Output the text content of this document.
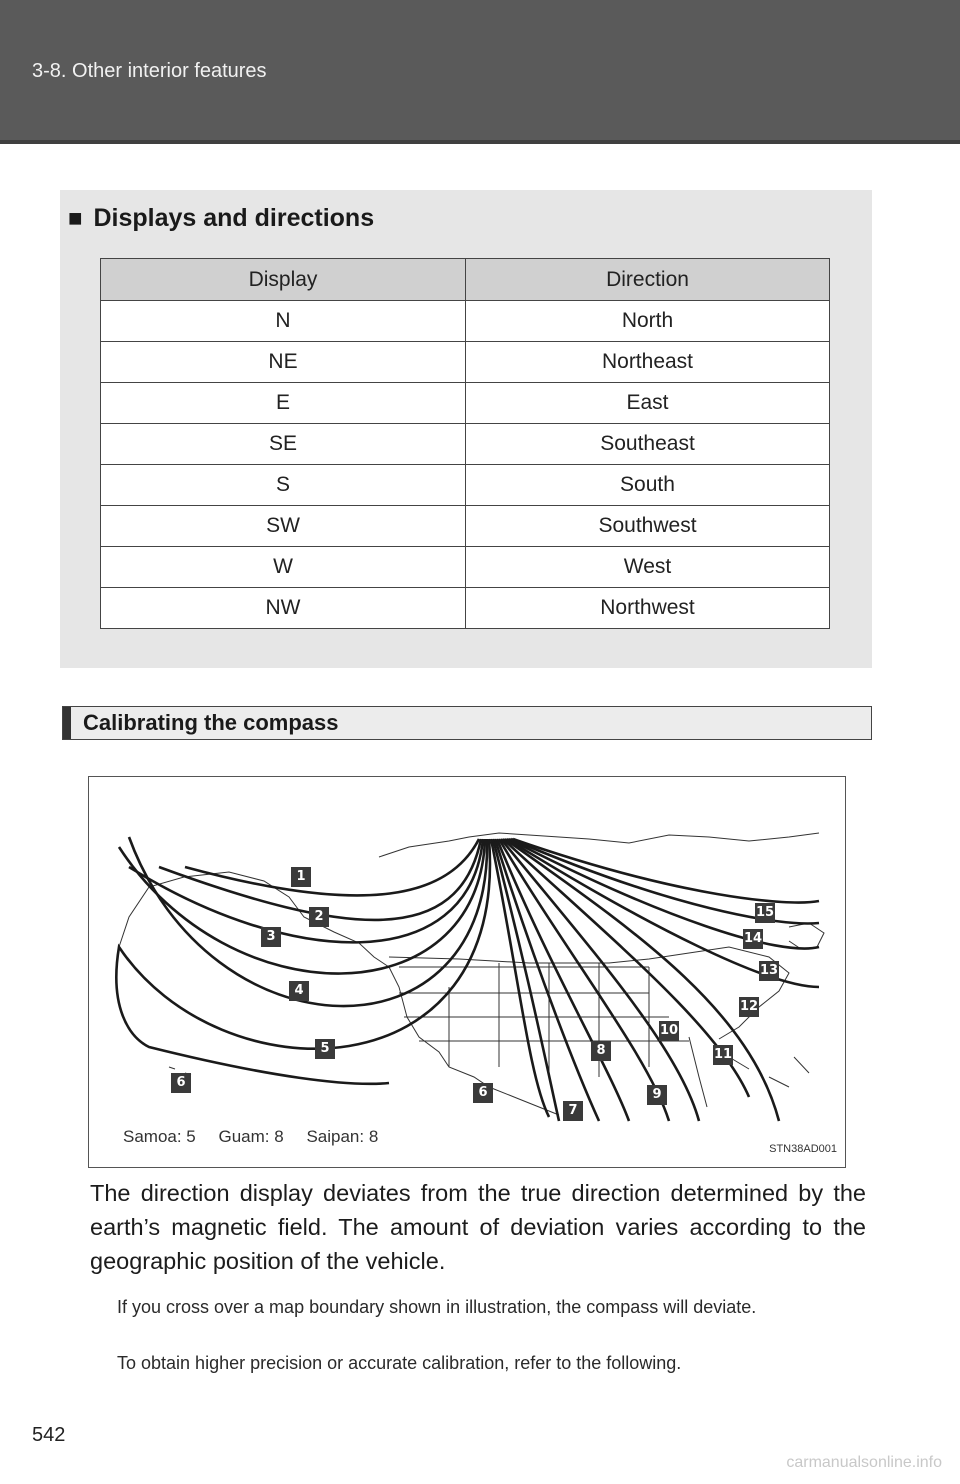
3-8. Other interior features
■ Displays and directions
Display	Direction
N	North
NE	Northeast
E	East
SE	Southeast
S	South
SW	Southwest
W	West
NW	Northwest
Calibrating the compass
1
2
3
4
5
6
6
7
8
9
10
11
12
13
14
15
Samoa: 5 Guam: 8 Saipan: 8
STN38AD001
The direction display deviates from the true direction determined by the earth’s magnetic field. The amount of deviation varies according to the geographic position of the vehicle.
If you cross over a map boundary shown in illustration, the compass will deviate.
To obtain higher precision or accurate calibration, refer to the following.
542
carmanualsonline.info
